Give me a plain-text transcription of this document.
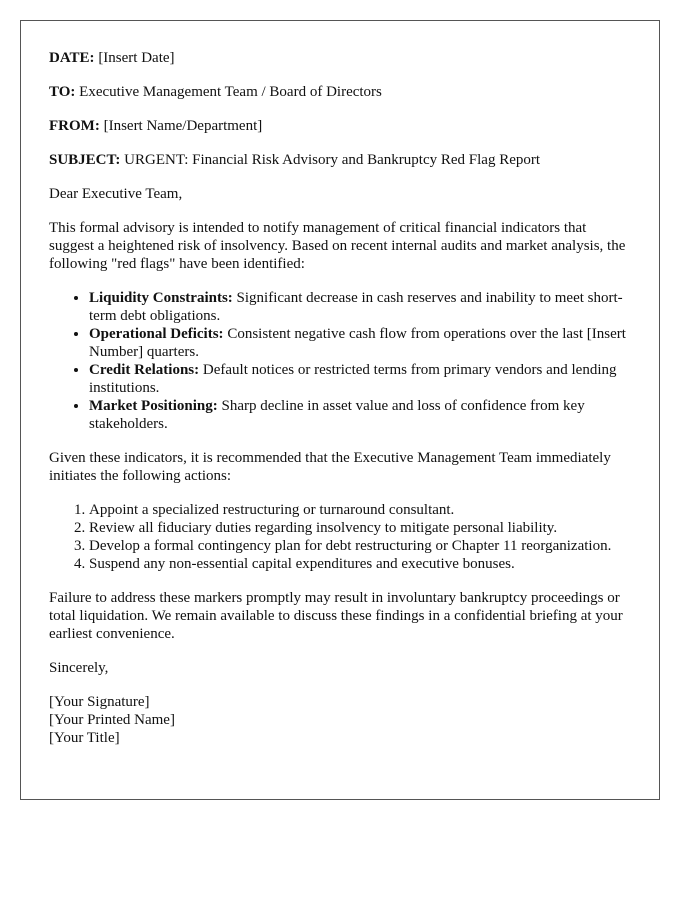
DATE: [Insert Date]

TO: Executive Management Team / Board of Directors

FROM: [Insert Name/Department]

SUBJECT: URGENT: Financial Risk Advisory and Bankruptcy Red Flag Report

Dear Executive Team,

This formal advisory is intended to notify management of critical financial indicators that suggest a heightened risk of insolvency. Based on recent internal audits and market analysis, the following "red flags" have been identified:

• Liquidity Constraints: Significant decrease in cash reserves and inability to meet short-term debt obligations.
• Operational Deficits: Consistent negative cash flow from operations over the last [Insert Number] quarters.
• Credit Relations: Default notices or restricted terms from primary vendors and lending institutions.
• Market Positioning: Sharp decline in asset value and loss of confidence from key stakeholders.

Given these indicators, it is recommended that the Executive Management Team immediately initiates the following actions:

1. Appoint a specialized restructuring or turnaround consultant.
2. Review all fiduciary duties regarding insolvency to mitigate personal liability.
3. Develop a formal contingency plan for debt restructuring or Chapter 11 reorganization.
4. Suspend any non-essential capital expenditures and executive bonuses.

Failure to address these markers promptly may result in involuntary bankruptcy proceedings or total liquidation. We remain available to discuss these findings in a confidential briefing at your earliest convenience.

Sincerely,

[Your Signature]

[Your Printed Name]

[Your Title]
